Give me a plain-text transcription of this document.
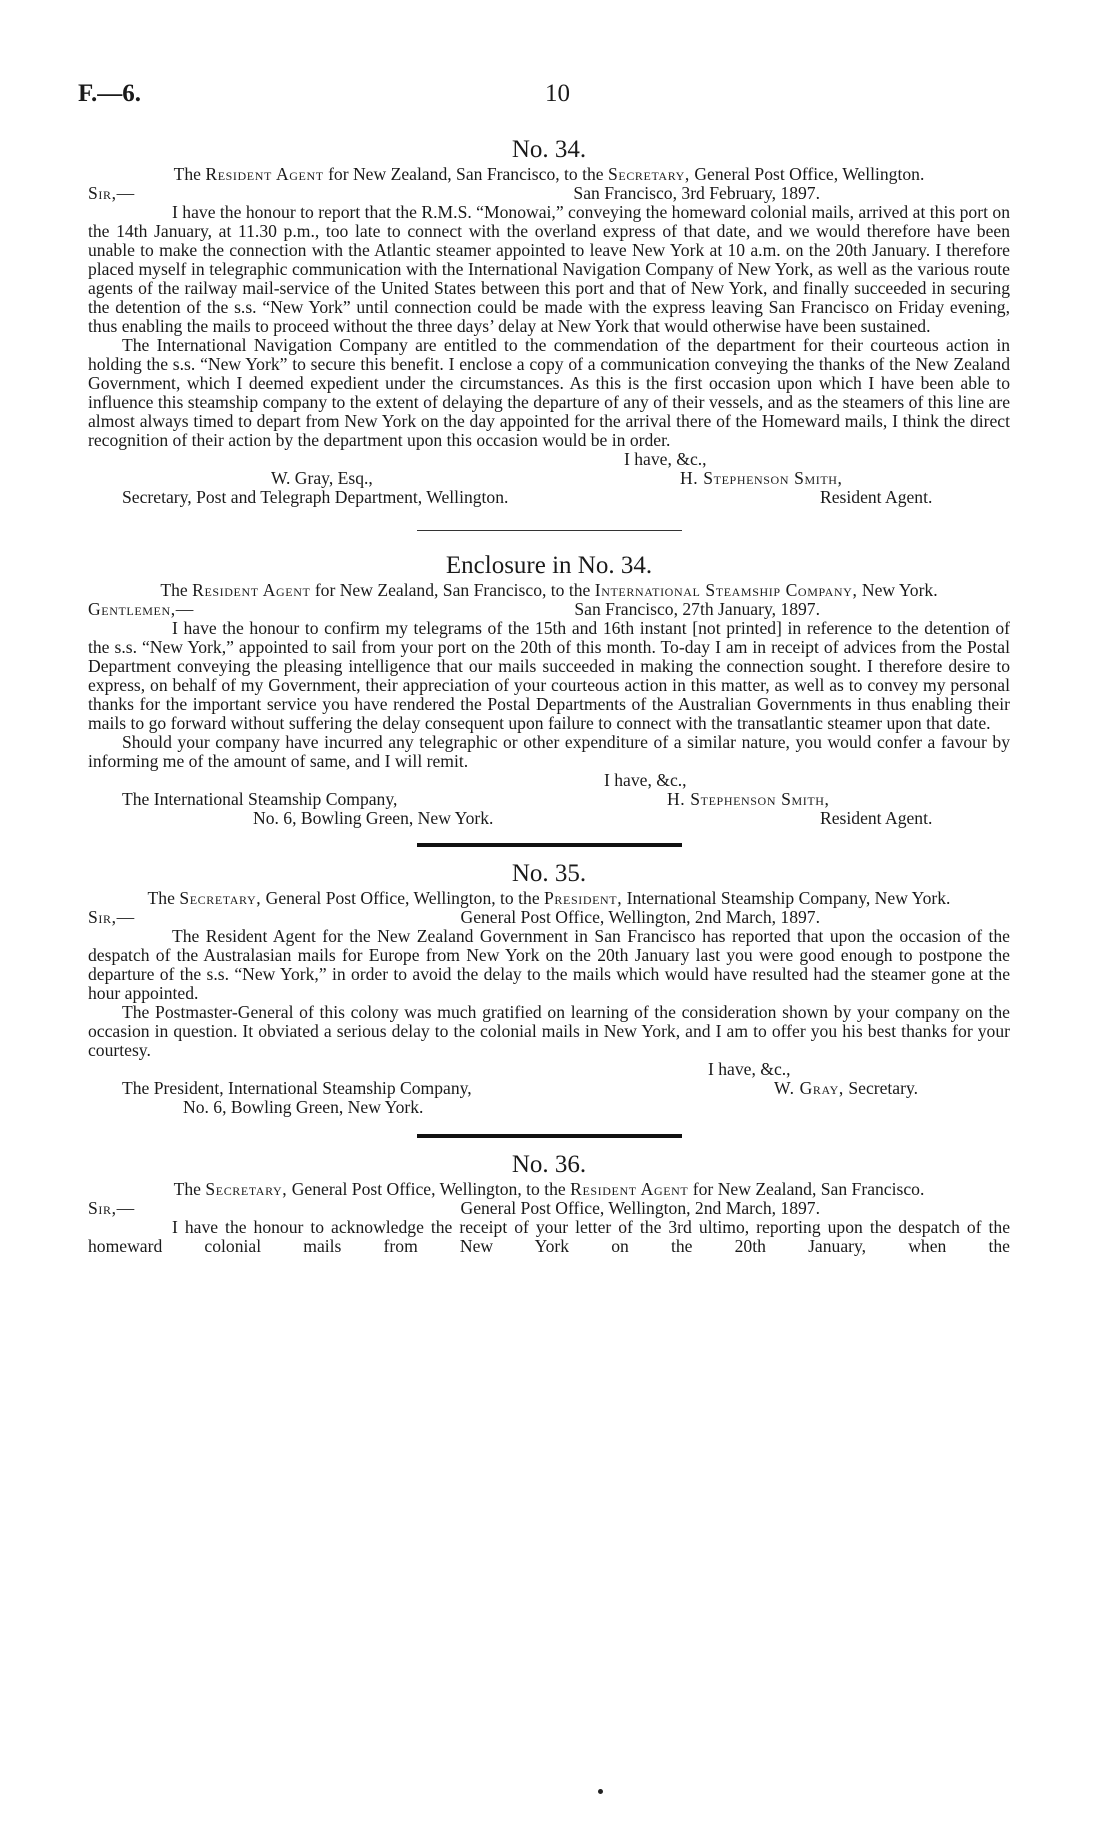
F.—6.	10
No. 34.
The Resident Agent for New Zealand, San Francisco, to the Secretary, General Post Office, Wellington.
Sir,—	San Francisco, 3rd February, 1897.

I have the honour to report that the R.M.S. “Monowai,” conveying the homeward colonial mails, arrived at this port on the 14th January, at 11.30 p.m., too late to connect with the overland express of that date, and we would therefore have been unable to make the connection with the Atlantic steamer appointed to leave New York at 10 a.m. on the 20th January. I therefore placed myself in telegraphic communication with the International Navigation Company of New York, as well as the various route agents of the railway mail-service of the United States between this port and that of New York, and finally succeeded in securing the detention of the s.s. “New York” until connection could be made with the express leaving San Francisco on Friday evening, thus enabling the mails to proceed without the three days’ delay at New York that would otherwise have been sustained.

The International Navigation Company are entitled to the commendation of the department for their courteous action in holding the s.s. “New York” to secure this benefit. I enclose a copy of a communication conveying the thanks of the New Zealand Government, which I deemed expedient under the circumstances. As this is the first occasion upon which I have been able to influence this steamship company to the extent of delaying the departure of any of their vessels, and as the steamers of this line are almost always timed to depart from New York on the day appointed for the arrival there of the Homeward mails, I think the direct recognition of their action by the department upon this occasion would be in order.

I have, &c.,
W. Gray, Esq.,	H. Stephenson Smith,
Secretary, Post and Telegraph Department, Wellington.	Resident Agent.
Enclosure in No. 34.
The Resident Agent for New Zealand, San Francisco, to the International Steamship Company, New York.
Gentlemen,—	San Francisco, 27th January, 1897.

I have the honour to confirm my telegrams of the 15th and 16th instant [not printed] in reference to the detention of the s.s. “New York,” appointed to sail from your port on the 20th of this month. To-day I am in receipt of advices from the Postal Department conveying the pleasing intelligence that our mails succeeded in making the connection sought. I therefore desire to express, on behalf of my Government, their appreciation of your courteous action in this matter, as well as to convey my personal thanks for the important service you have rendered the Postal Departments of the Australian Governments in thus enabling their mails to go forward without suffering the delay consequent upon failure to connect with the transatlantic steamer upon that date.

Should your company have incurred any telegraphic or other expenditure of a similar nature, you would confer a favour by informing me of the amount of same, and I will remit.

I have, &c.,
The International Steamship Company,	H. Stephenson Smith,
No. 6, Bowling Green, New York.	Resident Agent.
No. 35.
The Secretary, General Post Office, Wellington, to the President, International Steamship Company, New York.
Sir,—	General Post Office, Wellington, 2nd March, 1897.

The Resident Agent for the New Zealand Government in San Francisco has reported that upon the occasion of the despatch of the Australasian mails for Europe from New York on the 20th January last you were good enough to postpone the departure of the s.s. “New York,” in order to avoid the delay to the mails which would have resulted had the steamer gone at the hour appointed.

The Postmaster-General of this colony was much gratified on learning of the consideration shown by your company on the occasion in question. It obviated a serious delay to the colonial mails in New York, and I am to offer you his best thanks for your courtesy.

I have, &c.,
The President, International Steamship Company,	W. Gray, Secretary.
No. 6, Bowling Green, New York.
No. 36.
The Secretary, General Post Office, Wellington, to the Resident Agent for New Zealand, San Francisco.
Sir,—	General Post Office, Wellington, 2nd March, 1897.

I have the honour to acknowledge the receipt of your letter of the 3rd ultimo, reporting upon the despatch of the homeward colonial mails from New York on the 20th January, when the
